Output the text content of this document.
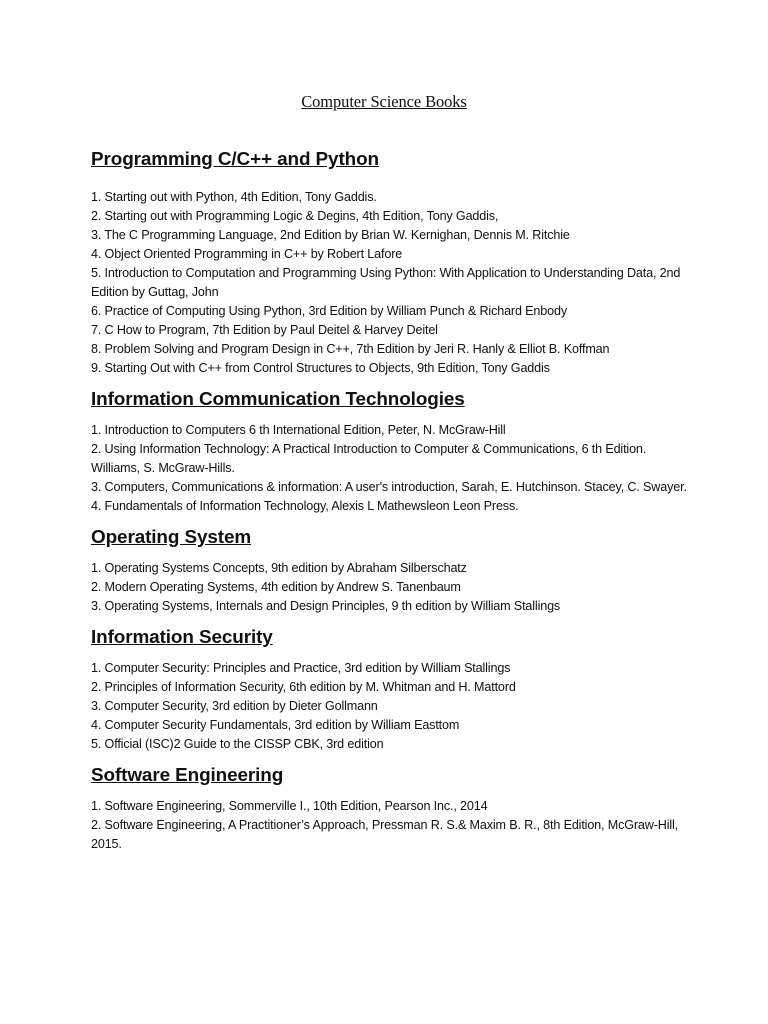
Computer Science Books
Programming C/C++ and Python
1. Starting out with Python, 4th Edition, Tony Gaddis.
2. Starting out with Programming Logic & Degins, 4th Edition, Tony Gaddis,
3. The C Programming Language, 2nd Edition by Brian W. Kernighan, Dennis M. Ritchie
4. Object Oriented Programming in C++ by Robert Lafore
5. Introduction to Computation and Programming Using Python: With Application to Understanding Data, 2nd Edition by Guttag, John
6. Practice of Computing Using Python, 3rd Edition by William Punch & Richard Enbody
7. C How to Program, 7th Edition by Paul Deitel & Harvey Deitel
8. Problem Solving and Program Design in C++, 7th Edition by Jeri R. Hanly & Elliot B. Koffman
9. Starting Out with C++ from Control Structures to Objects, 9th Edition, Tony Gaddis
Information Communication Technologies
1. Introduction to Computers 6 th International Edition, Peter, N. McGraw-Hill
2. Using Information Technology: A Practical Introduction to Computer & Communications, 6 th Edition. Williams, S. McGraw-Hills.
3. Computers, Communications & information: A user's introduction, Sarah, E. Hutchinson. Stacey, C. Swayer.
4. Fundamentals of Information Technology, Alexis L Mathewsleon Leon Press.
Operating System
1. Operating Systems Concepts, 9th edition by Abraham Silberschatz
2. Modern Operating Systems, 4th edition by Andrew S. Tanenbaum
3. Operating Systems, Internals and Design Principles, 9 th edition by William Stallings
Information Security
1. Computer Security: Principles and Practice, 3rd edition by William Stallings
2. Principles of Information Security, 6th edition by M. Whitman and H. Mattord
3. Computer Security, 3rd edition by Dieter Gollmann
4. Computer Security Fundamentals, 3rd edition by William Easttom
5. Official (ISC)2 Guide to the CISSP CBK, 3rd edition
Software Engineering
1. Software Engineering, Sommerville I., 10th Edition, Pearson Inc., 2014
2. Software Engineering, A Practitioner’s Approach, Pressman R. S.& Maxim B. R., 8th Edition, McGraw-Hill, 2015.
